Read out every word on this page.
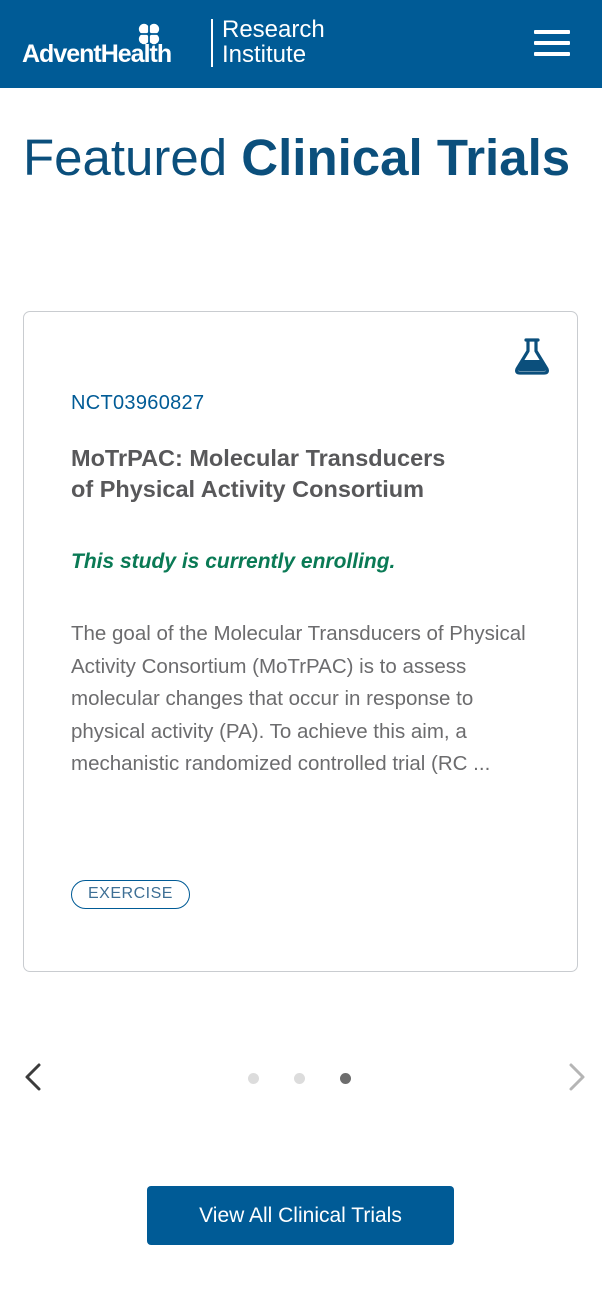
AdventHealth
Research
Institute
Featured Clinical Trials
NCT03960827
MoTrPAC: Molecular Transducers of Physical Activity Consortium
This study is currently enrolling.
The goal of the Molecular Transducers of Physical Activity Consortium (MoTrPAC) is to assess molecular changes that occur in response to physical activity (PA). To achieve this aim, a mechanistic randomized controlled trial (RC ...
EXERCISE
View All Clinical Trials
